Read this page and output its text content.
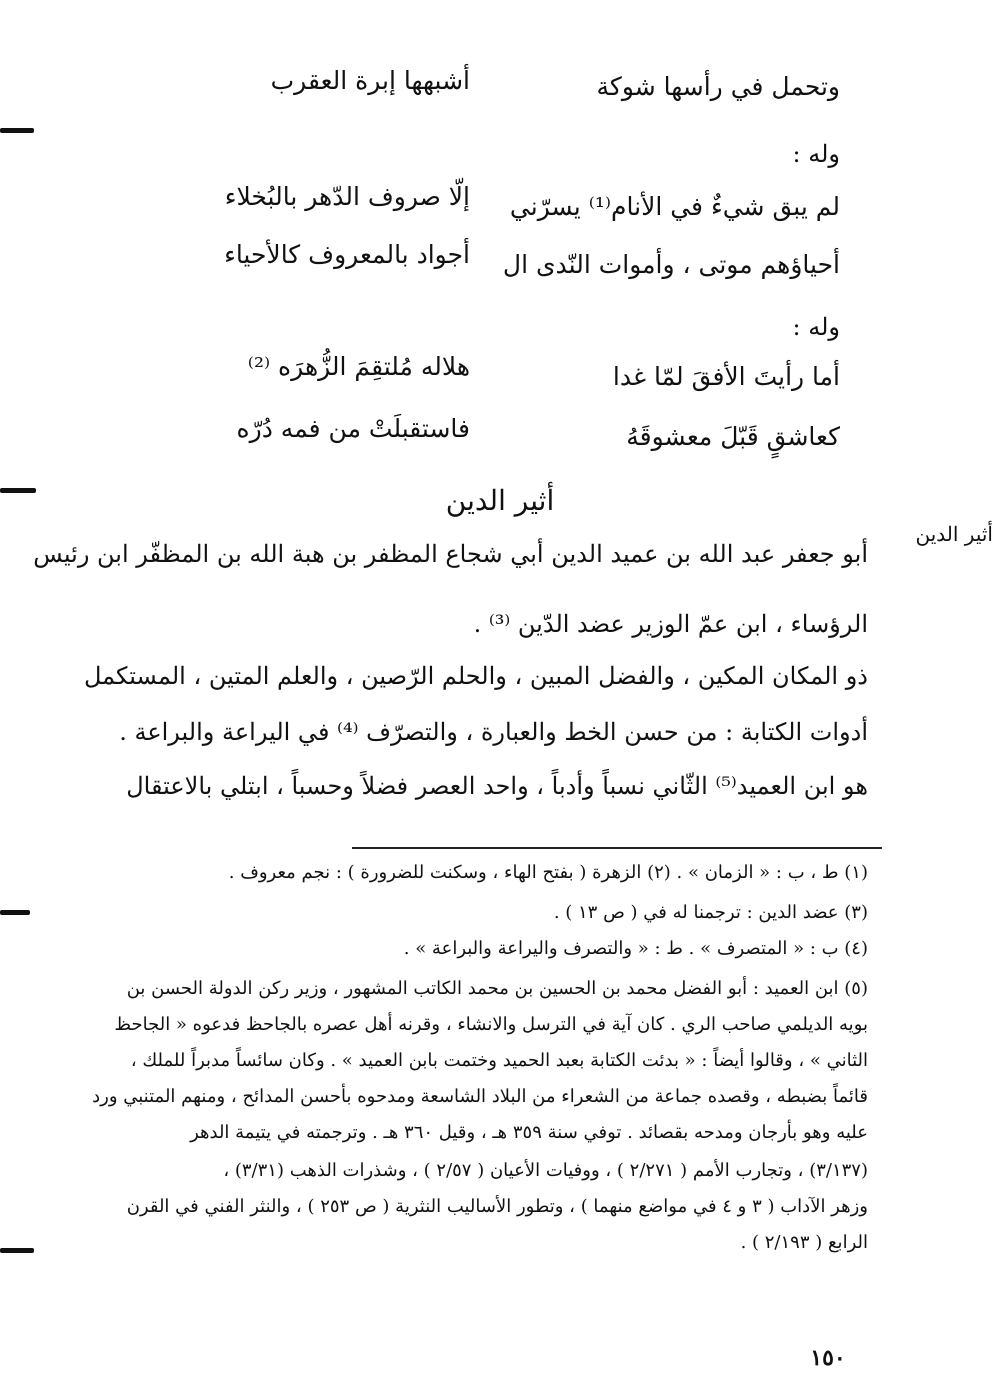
وتحمل في رأسها شوكة
أشبهها إبرة العقرب
وله :
لم يبق شيءٌ في الأنام⁽¹⁾ يسرّني
إلّا صروف الدّهر بالبُخلاء
أحياؤهم موتى ، وأموات النّدى ال
أجواد بالمعروف كالأحياء
وله :
أما رأيتَ الأفقَ لمّا غدا
هلاله مُلتقِمَ الزُّهرَه ⁽²⁾
كعاشقٍ قَبّلَ معشوقَهُ
فاستقبلَتْ من فمه دُرّه
أثير الدين
أثير الدين
أبو جعفر عبد الله بن عميد الدين أبي شجاع المظفر بن هبة الله بن المظفّر ابن رئيس
الرؤساء ، ابن عمّ الوزير عضد الدّين ⁽³⁾ .
ذو المكان المكين ، والفضل المبين ، والحلم الرّصين ، والعلم المتين ، المستكمل
أدوات الكتابة : من حسن الخط والعبارة ، والتصرّف ⁽⁴⁾ في اليراعة والبراعة .
هو ابن العميد⁽⁵⁾ الثّاني نسباً وأدباً ، واحد العصر فضلاً وحسباً ، ابتلي بالاعتقال
(١) ط ، ب : « الزمان » . (٢) الزهرة ( بفتح الهاء ، وسكنت للضرورة ) : نجم معروف .
(٣) عضد الدين : ترجمنا له في ( ص ١٣ ) .
(٤) ب : « المتصرف » . ط : « والتصرف واليراعة والبراعة » .
(٥) ابن العميد : أبو الفضل محمد بن الحسين بن محمد الكاتب المشهور ، وزير ركن الدولة الحسن بن
بويه الديلمي صاحب الري . كان آية في الترسل والانشاء ، وقرنه أهل عصره بالجاحظ فدعوه « الجاحظ
الثاني » ، وقالوا أيضاً : « بدئت الكتابة بعبد الحميد وختمت بابن العميد » . وكان سائساً مدبراً للملك ،
قائماً بضبطه ، وقصده جماعة من الشعراء من البلاد الشاسعة ومدحوه بأحسن المدائح ، ومنهم المتنبي ورد
عليه وهو بأرجان ومدحه بقصائد . توفي سنة ٣٥٩ هـ ، وقيل ٣٦٠ هـ . وترجمته في يتيمة الدهر
(٣/١٣٧) ، وتجارب الأمم ( ٢/٢٧١ ) ، ووفيات الأعيان ( ٢/٥٧ ) ، وشذرات الذهب (٣/٣١) ،
وزهر الآداب ( ٣ و ٤ في مواضع منهما ) ، وتطور الأساليب النثرية ( ص ٢٥٣ ) ، والنثر الفني في القرن
الرابع ( ٢/١٩٣ ) .
١٥٠
